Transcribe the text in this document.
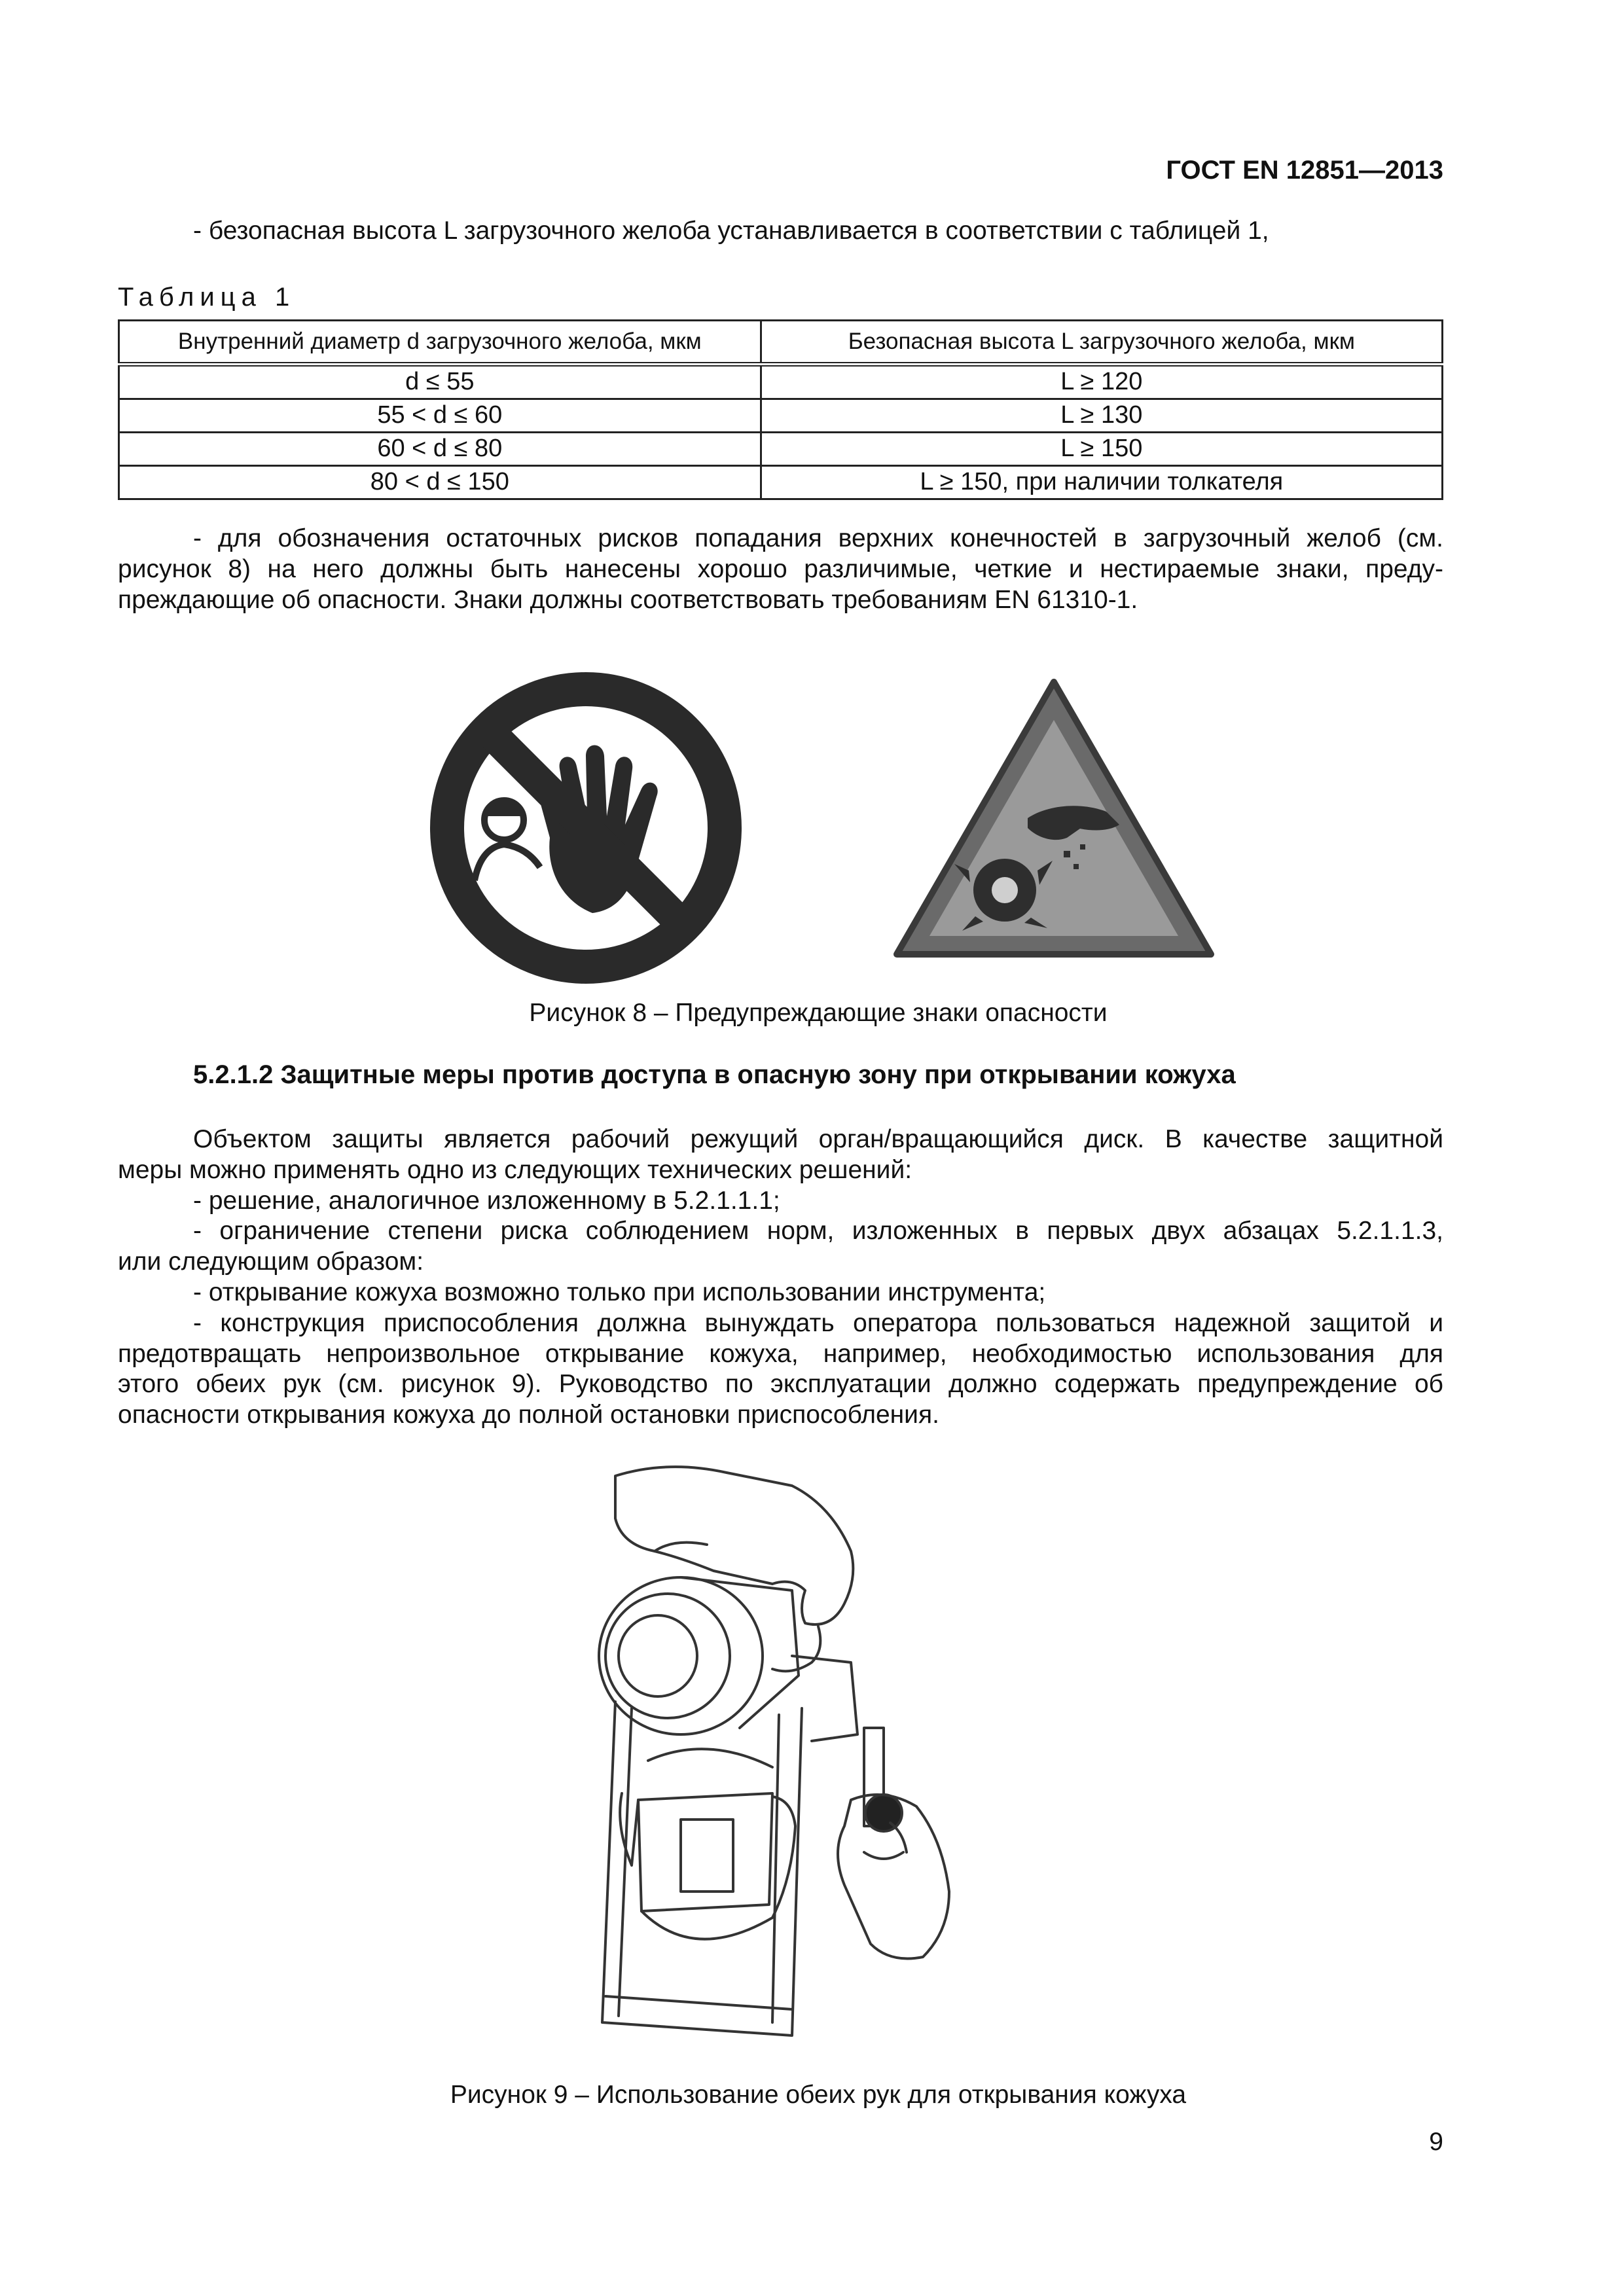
ГОСТ EN 12851—2013
- безопасная высота L загрузочного желоба устанавливается в соответствии с таблицей 1,
Таблица 1
Внутренний диаметр d загрузочного желоба, мкм	Безопасная высота L загрузочного желоба, мкм
d ≤ 55	L ≥ 120
55 < d ≤ 60	L ≥ 130
60 < d ≤ 80	L ≥ 150
80 < d ≤ 150	L ≥ 150, при наличии толкателя
- для обозначения остаточных рисков попадания верхних конечностей в загрузочный желоб (см.
рисунок 8) на него должны быть нанесены хорошо различимые, четкие и нестираемые знаки, преду-
преждающие об опасности. Знаки должны соответствовать требованиям EN 61310-1.
Рисунок 8 – Предупреждающие знаки опасности
5.2.1.2 Защитные меры против доступа в опасную зону при открывании кожуха
Объектом защиты является рабочий режущий орган/вращающийся диск. В качестве защитной
меры можно применять одно из следующих технических решений:
- решение, аналогичное изложенному в 5.2.1.1.1;
- ограничение степени риска соблюдением норм, изложенных в первых двух абзацах 5.2.1.1.3,
или следующим образом:
- открывание кожуха возможно только при использовании инструмента;
- конструкция приспособления должна вынуждать оператора пользоваться надежной защитой и
предотвращать непроизвольное открывание кожуха, например, необходимостью использования для
этого обеих рук (см. рисунок 9). Руководство по эксплуатации должно содержать предупреждение об
опасности открывания кожуха до полной остановки приспособления.
Рисунок 9 – Использование обеих рук для открывания кожуха
9
